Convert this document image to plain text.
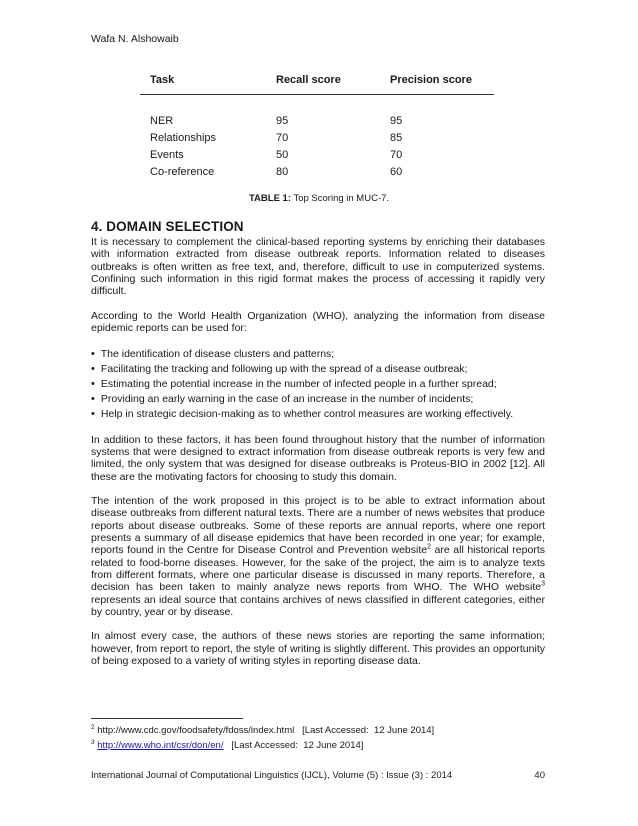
Wafa N. Alshowaib
Task	Recall score	Precision score
NER	95	95
Relationships	70	85
Events	50	70
Co-reference	80	60
TABLE 1: Top Scoring in MUC-7.
4. DOMAIN SELECTION

It is necessary to complement the clinical-based reporting systems by enriching their databases with information extracted from disease outbreak reports. Information related to diseases outbreaks is often written as free text, and, therefore, difficult to use in computerized systems. Confining such information in this rigid format makes the process of accessing it rapidly very difficult.

According to the World Health Organization (WHO), analyzing the information from disease epidemic reports can be used for:

• The identification of disease clusters and patterns;
• Facilitating the tracking and following up with the spread of a disease outbreak;
• Estimating the potential increase in the number of infected people in a further spread;
• Providing an early warning in the case of an increase in the number of incidents;
• Help in strategic decision-making as to whether control measures are working effectively.

In addition to these factors, it has been found throughout history that the number of information systems that were designed to extract information from disease outbreak reports is very few and limited, the only system that was designed for disease outbreaks is Proteus-BIO in 2002 [12]. All these are the motivating factors for choosing to study this domain.

The intention of the work proposed in this project is to be able to extract information about disease outbreaks from different natural texts. There are a number of news websites that produce reports about disease outbreaks. Some of these reports are annual reports, where one report presents a summary of all disease epidemics that have been recorded in one year; for example, reports found in the Centre for Disease Control and Prevention website$^2$ are all historical reports related to food-borne diseases. However, for the sake of the project, the aim is to analyze texts from different formats, where one particular disease is discussed in many reports. Therefore, a decision has been taken to mainly analyze news reports from WHO. The WHO website$^3$ represents an ideal source that contains archives of news classified in different categories, either by country, year or by disease.

In almost every case, the authors of these news stories are reporting the same information; however, from report to report, the style of writing is slightly different. This provides an opportunity of being exposed to a variety of writing styles in reporting disease data.

$^2$ http://www.cdc.gov/foodsafety/fdoss/index.html   [Last Accessed:  12 June 2014]
$^3$ http://www.who.int/csr/don/en/   [Last Accessed:  12 June 2014]
International Journal of Computational Linguistics (IJCL), Volume (5) : Issue (3) : 2014	40
